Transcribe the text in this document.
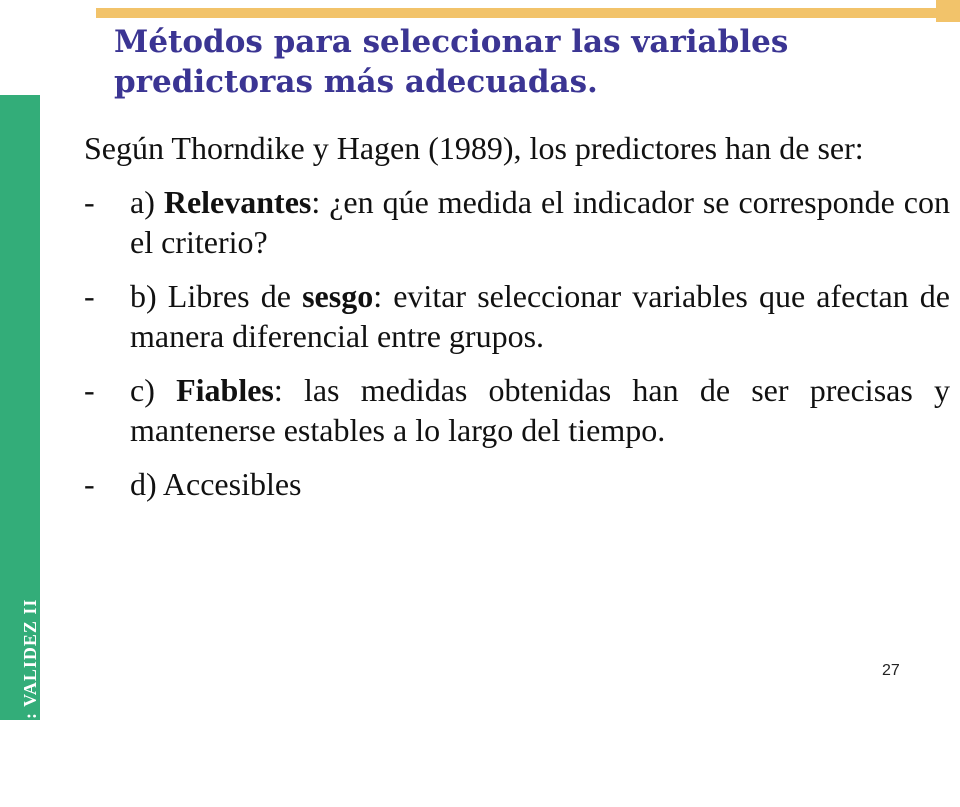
TEMA 6.2: VALIDEZ II
Métodos para seleccionar las variables
predictoras más adecuadas.

Según Thorndike y Hagen (1989), los predictores han de ser:

- a) Relevantes: ¿en qúe medida el indicador se corresponde con el criterio?
- b) Libres de sesgo: evitar seleccionar variables que afectan de manera diferencial entre grupos.
- c) Fiables: las medidas obtenidas han de ser precisas y mantenerse estables a lo largo del tiempo.
- d) Accesibles
27
